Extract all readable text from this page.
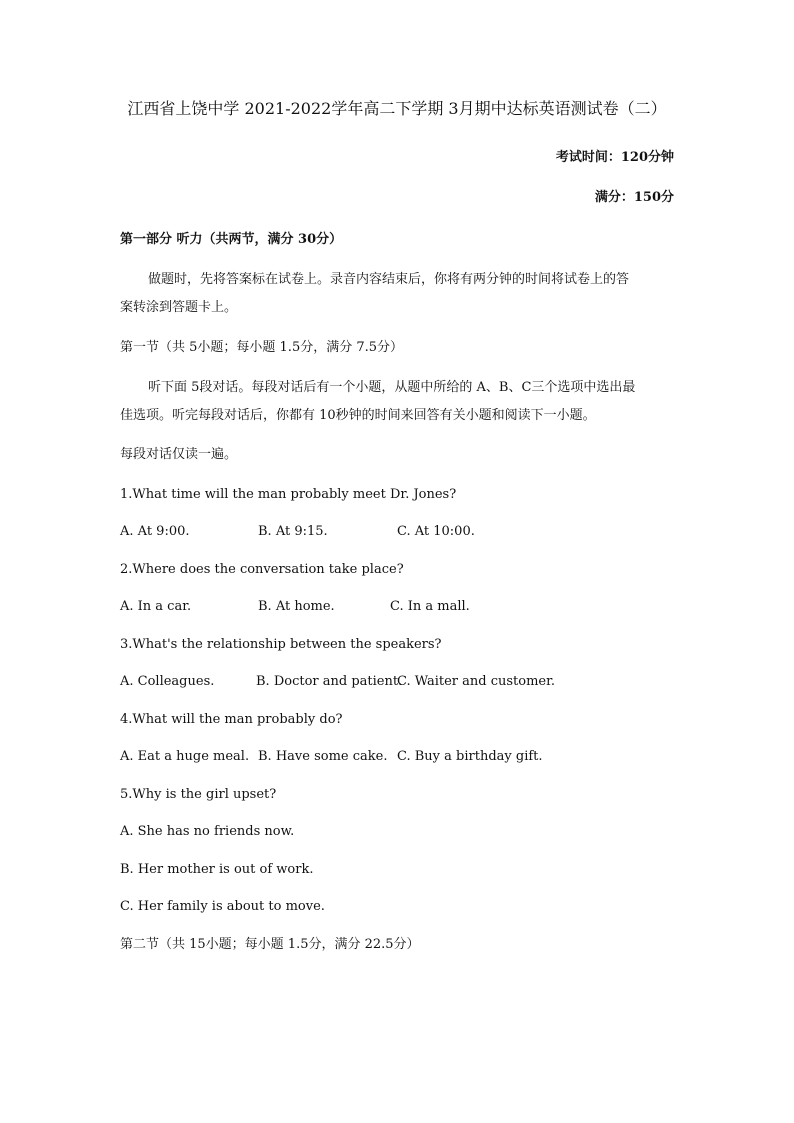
江西省上饶中学 2021-2022学年高二下学期 3月期中达标英语测试卷（二）
考试时间：120分钟
满分：150分
第一部分 听力（共两节，满分 30分）
做题时，先将答案标在试卷上。录音内容结束后，你将有两分钟的时间将试卷上的答
案转涂到答题卡上。
第一节（共 5小题；每小题 1.5分，满分 7.5分）
听下面 5段对话。每段对话后有一个小题，从题中所给的 A、B、C三个选项中选出最
佳选项。听完每段对话后，你都有 10秒钟的时间来回答有关小题和阅读下一小题。
每段对话仅读一遍。
1.What time will the man probably meet Dr. Jones?
A. At 9:00.	B. At 9:15.	C. At 10:00.
2.Where does the conversation take place?
A. In a car.	B. At home.	C. In a mall.
3.What's the relationship between the speakers?
A. Colleagues.	B. Doctor and patient.
C. Waiter and customer.
4.What will the man probably do?
A. Eat a huge meal. B. Have some cake. C. Buy a birthday gift.
5.Why is the girl upset?
A. She has no friends now.
B. Her mother is out of work.
C. Her family is about to move.
第二节（共 15小题；每小题 1.5分，满分 22.5分）
